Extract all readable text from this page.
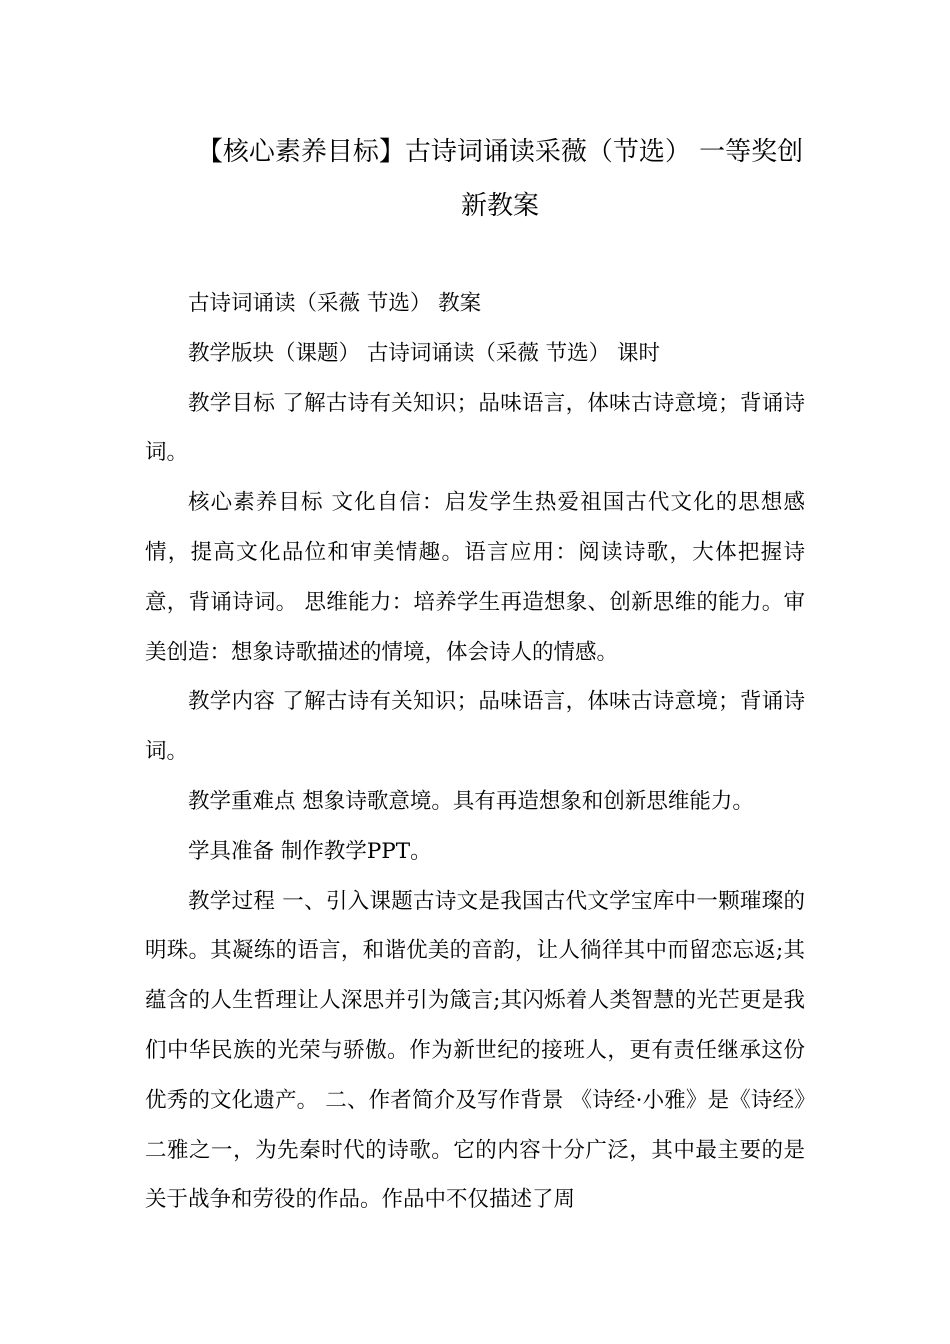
【核心素养目标】古诗词诵读采薇（节选） 一等奖创
新教案

古诗词诵读（采薇 节选） 教案

教学版块（课题） 古诗词诵读（采薇 节选） 课时

教学目标 了解古诗有关知识；品味语言，体味古诗意境；背诵诗词。

核心素养目标 文化自信：启发学生热爱祖国古代文化的思想感情，提高文化品位和审美情趣。语言应用：阅读诗歌，大体把握诗意，背诵诗词。 思维能力：培养学生再造想象、创新思维的能力。审美创造：想象诗歌描述的情境，体会诗人的情感。

教学内容 了解古诗有关知识；品味语言，体味古诗意境；背诵诗词。

教学重难点 想象诗歌意境。具有再造想象和创新思维能力。

学具准备 制作教学PPT。

教学过程 一、引入课题古诗文是我国古代文学宝库中一颗璀璨的明珠。其凝练的语言，和谐优美的音韵，让人徜徉其中而留恋忘返;其蕴含的人生哲理让人深思并引为箴言;其闪烁着人类智慧的光芒更是我们中华民族的光荣与骄傲。作为新世纪的接班人，更有责任继承这份优秀的文化遗产。 二、作者简介及写作背景 《诗经·小雅》是《诗经》二雅之一，为先秦时代的诗歌。它的内容十分广泛，其中最主要的是关于战争和劳役的作品。作品中不仅描述了周
